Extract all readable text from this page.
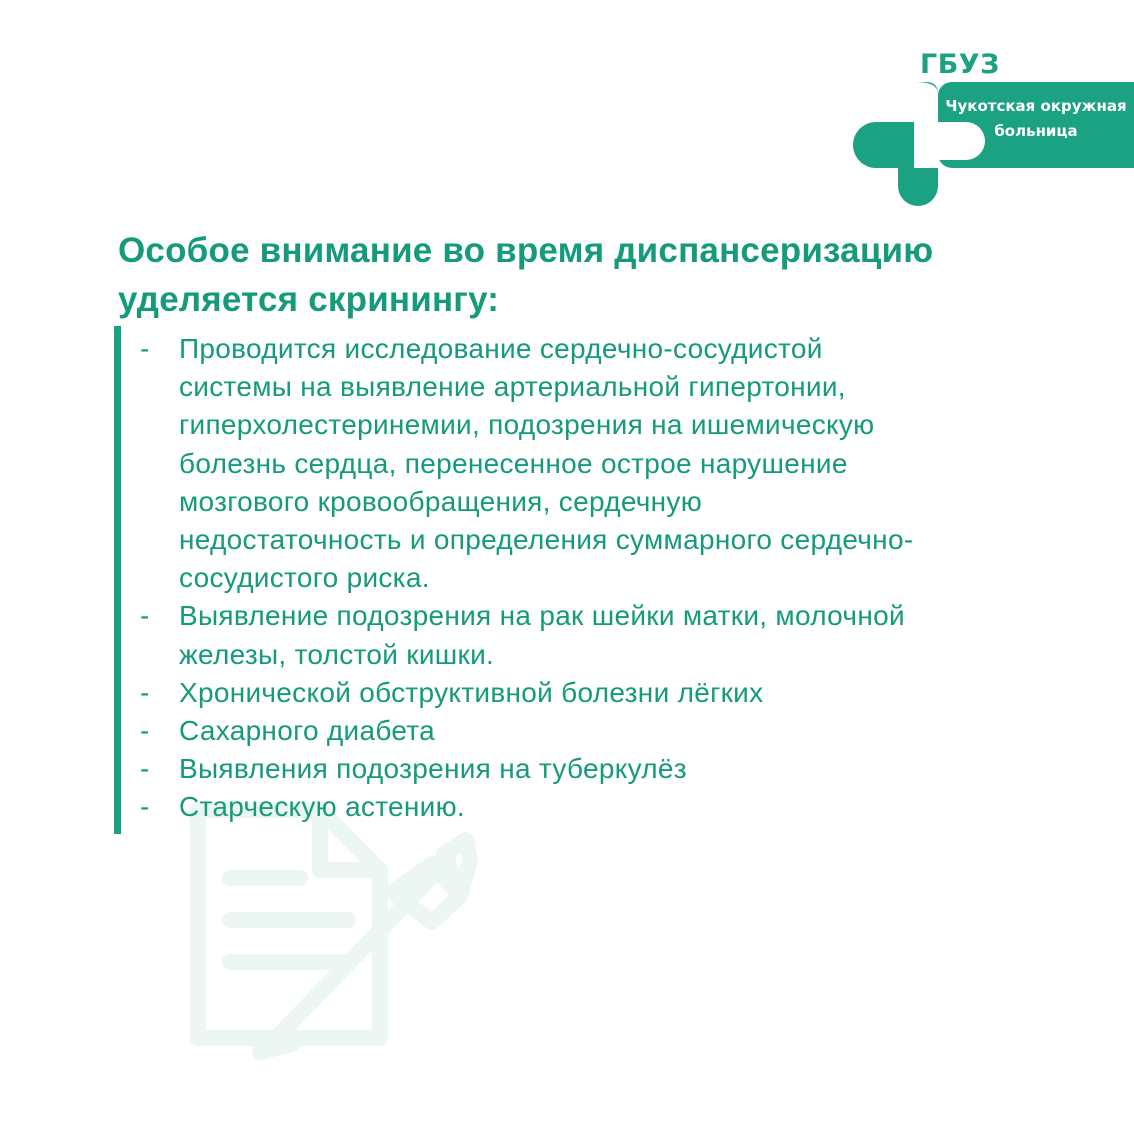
ГБУЗ
Чукотская окружная
больница
Особое внимание во время диспансеризацию
уделяется скринингу:
- Проводится исследование сердечно-сосудистой
системы на выявление артериальной гипертонии,
гиперхолестеринемии, подозрения на ишемическую
болезнь сердца, перенесенное острое нарушение
мозгового кровообращения, сердечную
недостаточность и определения суммарного сердечно-
сосудистого риска.
- Выявление подозрения на рак шейки матки, молочной
железы, толстой кишки.
- Хронической обструктивной болезни лёгких
- Сахарного диабета
- Выявления подозрения на туберкулёз
- Старческую астению.
